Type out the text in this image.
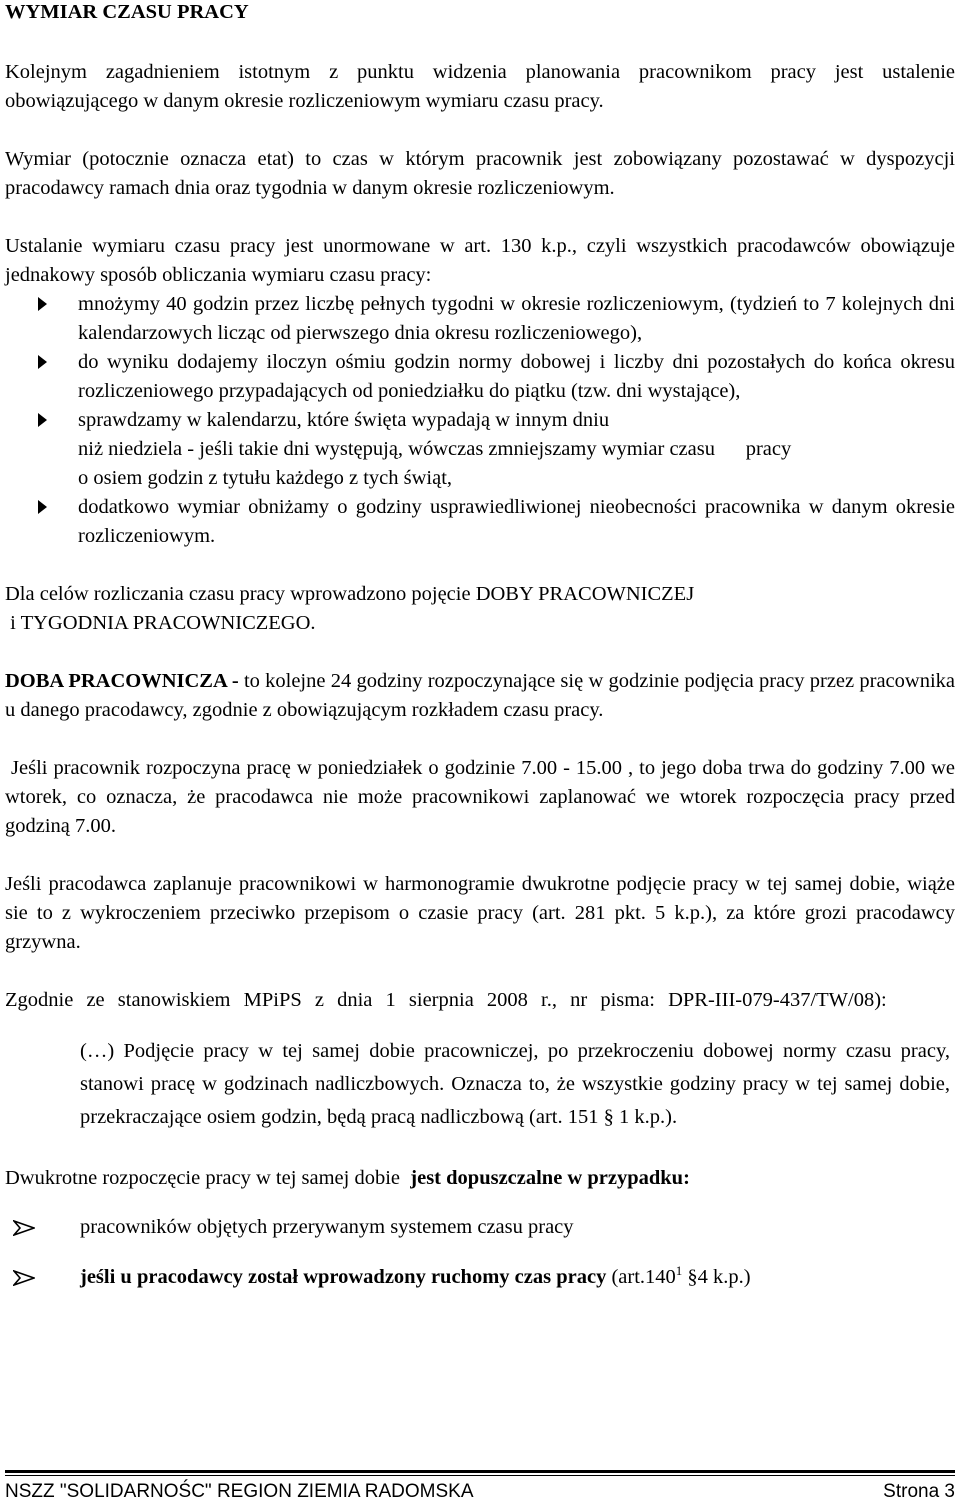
WYMIAR CZASU PRACY

Kolejnym zagadnieniem istotnym z punktu widzenia planowania pracownikom pracy jest ustalenie obowiązującego w danym okresie rozliczeniowym wymiaru czasu pracy.

Wymiar (potocznie oznacza etat) to czas w którym pracownik jest zobowiązany pozostawać w dyspozycji pracodawcy ramach dnia oraz tygodnia w danym okresie rozliczeniowym.

Ustalanie wymiaru czasu pracy jest unormowane w art. 130 k.p., czyli wszystkich pracodawców obowiązuje jednakowy sposób obliczania wymiaru czasu pracy:

mnożymy 40 godzin przez liczbę pełnych tygodni w okresie rozliczeniowym, (tydzień to 7 kolejnych dni kalendarzowych licząc od pierwszego dnia okresu rozliczeniowego),
do wyniku dodajemy iloczyn ośmiu godzin normy dobowej i liczby dni pozostałych do końca okresu rozliczeniowego przypadających od poniedziałku do piątku (tzw. dni wystające),
sprawdzamy w kalendarzu, które święta wypadają w innym dniu
niż niedziela - jeśli takie dni występują, wówczas zmniejszamy wymiar czasu      pracy
o osiem godzin z tytułu każdego z tych świąt,
dodatkowo wymiar obniżamy o godziny usprawiedliwionej nieobecności pracownika w danym okresie rozliczeniowym.

Dla celów rozliczania czasu pracy wprowadzono pojęcie DOBY PRACOWNICZEJ
i TYGODNIA PRACOWNICZEGO.

DOBA PRACOWNICZA - to kolejne 24 godziny rozpoczynające się w godzinie podjęcia pracy przez pracownika u danego pracodawcy, zgodnie z obowiązującym rozkładem czasu pracy.

Jeśli pracownik rozpoczyna pracę w poniedziałek o godzinie 7.00 - 15.00 , to jego doba trwa do godziny 7.00 we wtorek, co oznacza, że pracodawca nie może pracownikowi zaplanować we wtorek rozpoczęcia pracy przed godziną 7.00.

Jeśli pracodawca zaplanuje pracownikowi w harmonogramie dwukrotne podjęcie pracy w tej samej dobie, wiąże sie to z wykroczeniem przeciwko przepisom o czasie pracy (art. 281 pkt. 5 k.p.), za które grozi pracodawcy grzywna.

Zgodnie ze stanowiskiem MPiPS z dnia 1 sierpnia 2008 r., nr pisma: DPR-III-079-437/TW/08):

(…) Podjęcie pracy w tej samej dobie pracowniczej, po przekroczeniu dobowej normy czasu pracy, stanowi pracę w godzinach nadliczbowych. Oznacza to, że wszystkie godziny pracy w tej samej dobie, przekraczające osiem godzin, będą pracą nadliczbową (art. 151 § 1 k.p.).

Dwukrotne rozpoczęcie pracy w tej samej dobie  jest dopuszczalne w przypadku:

pracowników objętych przerywanym systemem czasu pracy
jeśli u pracodawcy został wprowadzony ruchomy czas pracy (art.140$^1$ §4 k.p.)
NSZZ "SOLIDARNOŚC" REGION ZIEMIA RADOMSKA	Strona 3
